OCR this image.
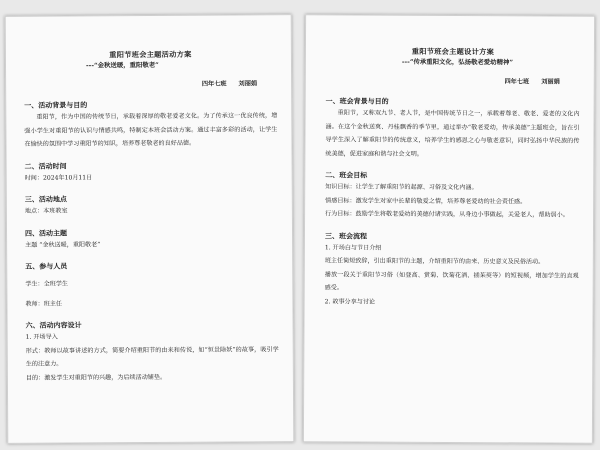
重阳节班会主题活动方案
---“金秋送暖，重阳敬老”
四年七班 刘丽娟
一、活动背景与目的
重阳节，作为中国的传统节日，承载着深厚的敬老爱老文化。为了传承这一优良传统，增强小学生对重阳节的认识与情感共鸣，特制定本班会活动方案。通过丰富多彩的活动，让学生在愉快的氛围中学习重阳节的知识，培养尊老敬老的良好品德。
二、活动时间
时间：2024年10月11日
三、活动地点
地点：本班教室
四、活动主题
主题 “金秋送暖，重阳敬老”
五、参与人员
学生：全班学生
教师：班主任
六、活动内容设计
1. 开场导入
形式：教师以故事讲述的方式，简要介绍重阳节的由来和传说，如“恒景除妖”的故事，吸引学生的注意力。
目的：激发学生对重阳节的兴趣，为后续活动铺垫。
重阳节班会主题设计方案
---“传承重阳文化，弘扬敬老爱幼精神”
四年七班 刘丽娟
一、班会背景与目的
重阳节，又称双九节、老人节，是中国传统节日之一，承载着尊老、敬老、爱老的文化内涵。在这个金秋送爽、丹桂飘香的季节里，通过举办“敬老爱幼，传承美德”主题班会，旨在引导学生深入了解重阳节的传统意义，培养学生的感恩之心与敬老意识，同时弘扬中华民族的传统美德，促进家庭和谐与社会文明。
二、班会目标
知识目标：让学生了解重阳节的起源、习俗及文化内涵。
情感目标：激发学生对家中长辈的敬爱之情，培养尊老爱幼的社会责任感。
行为目标：鼓励学生将敬老爱幼的美德付诸实践，从身边小事做起，关爱老人，帮助弱小。
三、班会流程
1. 开场白与节日介绍
班主任简短致辞，引出重阳节的主题，介绍重阳节的由来、历史意义及民俗活动。
播放一段关于重阳节习俗（如登高、赏菊、饮菊花酒、插茱萸等）的短视频，增加学生的直观感受。
2. 故事分享与讨论
